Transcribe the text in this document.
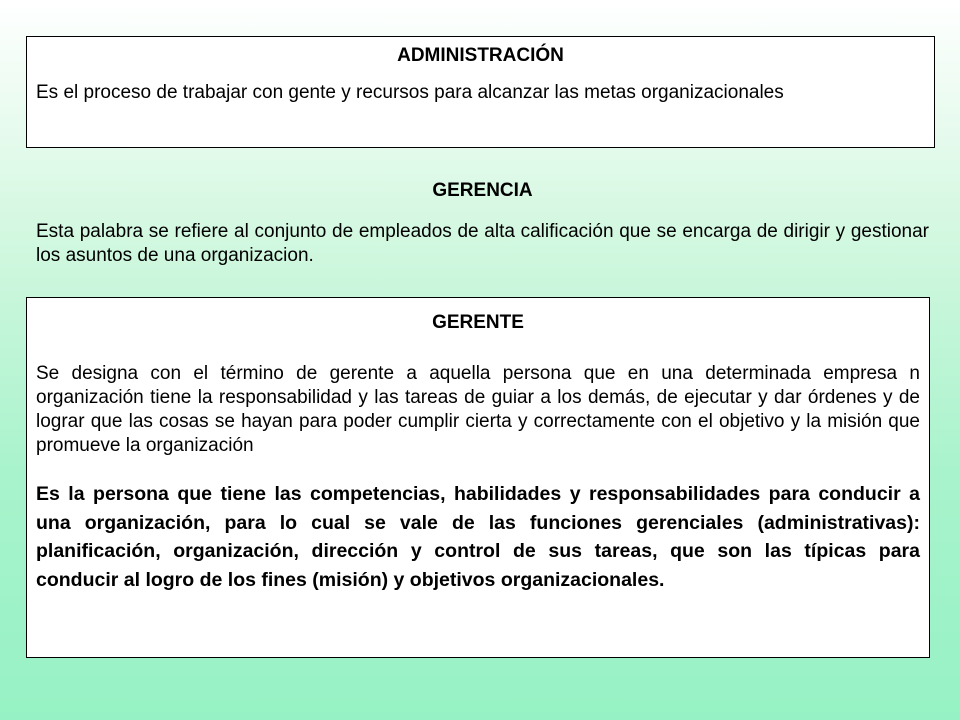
ADMINISTRACIÓN

Es el proceso de trabajar con gente y recursos para alcanzar las metas organizacionales

GERENCIA

Esta palabra se refiere al conjunto de empleados de alta calificación que se encarga de dirigir y gestionar los asuntos de una organizacion.

GERENTE

Se designa con el término de gerente a aquella persona que en una determinada empresa n organización tiene la responsabilidad y las tareas de guiar a los demás, de ejecutar y dar órdenes y de lograr que las cosas se hayan para poder cumplir cierta y correctamente con el objetivo y la misión que promueve la organización

Es la persona que tiene las competencias, habilidades y responsabilidades para conducir a una organización, para lo cual se vale de las funciones gerenciales (administrativas): planificación, organización, dirección y control de sus tareas, que son las típicas para conducir al logro de los fines (misión) y objetivos organizacionales.
